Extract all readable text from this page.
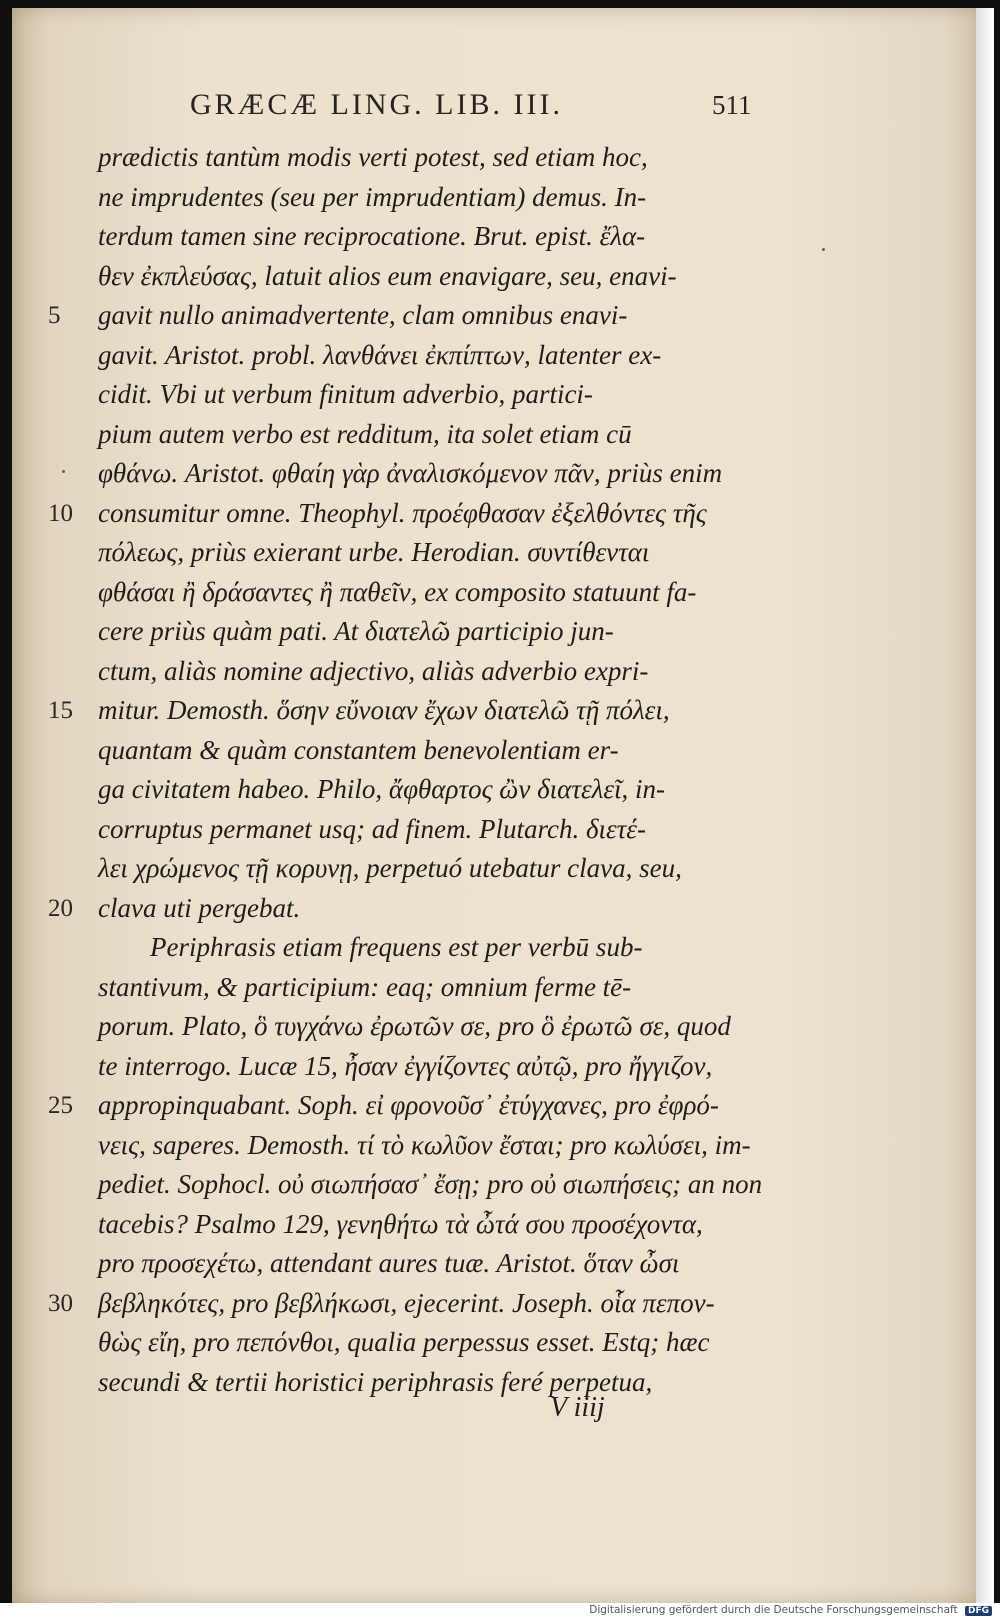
GRÆCÆ LING. LIB. III.	511
prædictis tantùm modis verti potest, sed etiam hoc,
ne imprudentes (seu per imprudentiam) demus. In-
terdum tamen sine reciprocatione. Brut. epist. ἔλα-
θεν ἐκπλεύσας, latuit alios eum enavigare, seu, enavi-
5 gavit nullo animadvertente, clam omnibus enavi-
gavit. Aristot. probl. λανθάνει ἐκπίπτων, latenter ex-
cidit. Vbi ut verbum finitum adverbio, partici-
pium autem verbo est redditum, ita solet etiam cū
φθάνω. Aristot. φθαίη γὰρ ἀναλισκόμενον πᾶν, priùs enim
10 consumitur omne. Theophyl. προέφθασαν ἐξελθόντες τῆς
πόλεως, priùs exierant urbe. Herodian. συντίθενται
φθάσαι ἢ δράσαντες ἢ παθεῖν, ex composito statuunt fa-
cere priùs quàm pati. At διατελῶ participio jun-
ctum, aliàs nomine adjectivo, aliàs adverbio expri-
15 mitur. Demosth. ὅσην εὔνοιαν ἔχων διατελῶ τῇ πόλει,
quantam & quàm constantem benevolentiam er-
ga civitatem habeo. Philo, ἄφθαρτος ὢν διατελεῖ, in-
corruptus permanet usq; ad finem. Plutarch. διετέ-
λει χρώμενος τῇ κορυνῃ, perpetuó utebatur clava, seu,
20 clava uti pergebat.
Periphrasis etiam frequens est per verbū sub-
stantivum, & participium: eaq; omnium ferme tē-
porum. Plato, ὃ τυγχάνω ἐρωτῶν σε, pro ὃ ἐρωτῶ σε, quod
te interrogo. Lucæ 15, ἦσαν ἐγγίζοντες αὐτῷ, pro ἤγγιζον,
25 appropinquabant. Soph. εἰ φρονοῦσ᾽ ἐτύγχανες, pro ἐφρό-
νεις, saperes. Demosth. τί τὸ κωλῦον ἔσται; pro κωλύσει, im-
pediet. Sophocl. οὐ σιωπήσασ᾽ ἔσῃ; pro οὐ σιωπήσεις; an non
tacebis? Psalmo 129, γενηθήτω τὰ ὦτά σου προσέχοντα,
pro προσεχέτω, attendant aures tuæ. Aristot. ὅταν ὦσι
30 βεβληκότες, pro βεβλήκωσι, ejecerint. Joseph. οἷα πεπον-
θὼς εἴη, pro πεπόνθοι, qualia perpessus esset. Estq; hæc
secundi & tertii horistici periphrasis feré perpetua,
V iiij
Digitalisierung gefördert durch die Deutsche Forschungsgemeinschaft DFG
